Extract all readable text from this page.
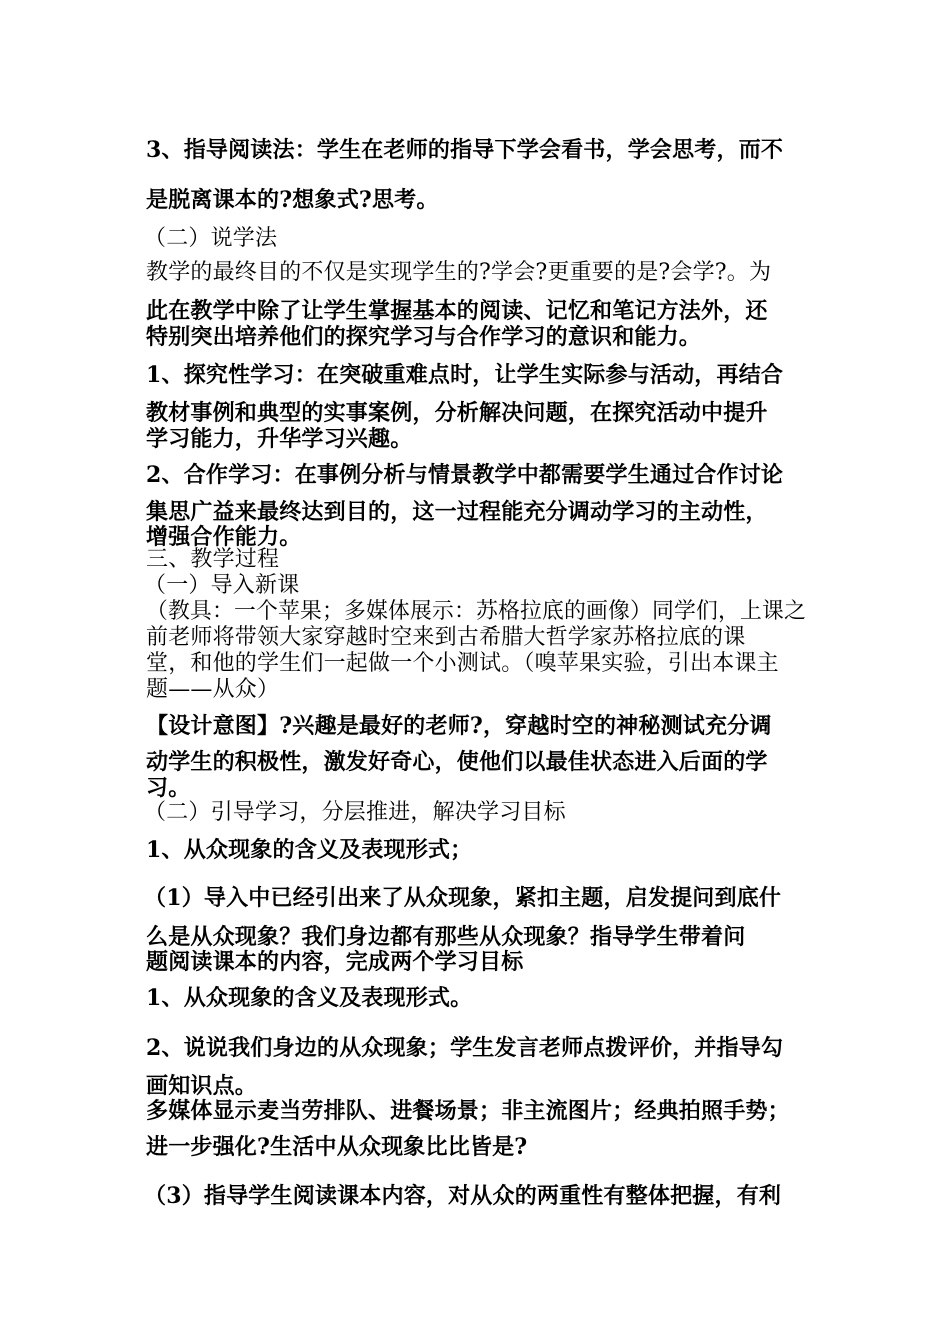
3、指导阅读法：学生在老师的指导下学会看书，学会思考，而不
是脱离课本的?想象式?思考。
（二）说学法
教学的最终目的不仅是实现学生的?学会?更重要的是?会学?。为
此在教学中除了让学生掌握基本的阅读、记忆和笔记方法外，还
特别突出培养他们的探究学习与合作学习的意识和能力。
1、探究性学习：在突破重难点时，让学生实际参与活动，再结合
教材事例和典型的实事案例，分析解决问题，在探究活动中提升
学习能力，升华学习兴趣。
2、合作学习：在事例分析与情景教学中都需要学生通过合作讨论
集思广益来最终达到目的，这一过程能充分调动学习的主动性，
增强合作能力。
三、教学过程
（一）导入新课
（教具：一个苹果；多媒体展示：苏格拉底的画像）同学们，上课之
前老师将带领大家穿越时空来到古希腊大哲学家苏格拉底的课
堂，和他的学生们一起做一个小测试。（嗅苹果实验，引出本课主
题——从众）
【设计意图】?兴趣是最好的老师?，穿越时空的神秘测试充分调
动学生的积极性，激发好奇心，使他们以最佳状态进入后面的学
习。
（二）引导学习，分层推进，解决学习目标
1、从众现象的含义及表现形式；
（1）导入中已经引出来了从众现象，紧扣主题，启发提问到底什
么是从众现象？我们身边都有那些从众现象？指导学生带着问
题阅读课本的内容，完成两个学习目标
1、从众现象的含义及表现形式。
2、说说我们身边的从众现象；学生发言老师点拨评价，并指导勾
画知识点。
多媒体显示麦当劳排队、进餐场景；非主流图片；经典拍照手势；
进一步强化?生活中从众现象比比皆是?
（3）指导学生阅读课本内容，对从众的两重性有整体把握，有利
